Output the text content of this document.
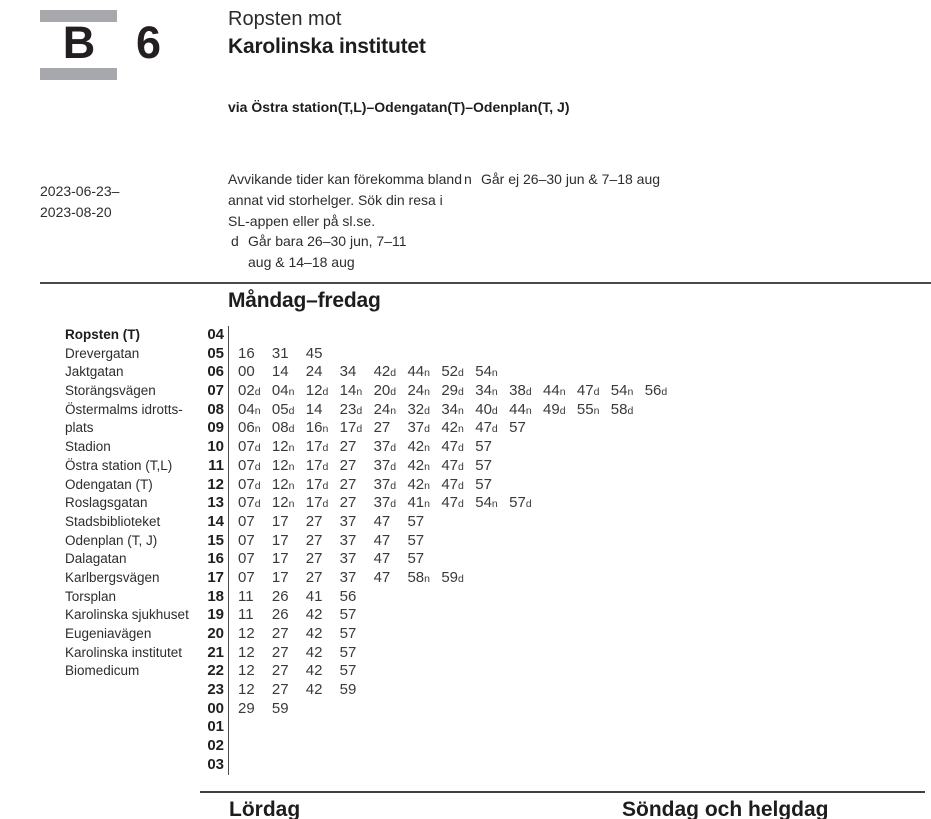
B 6	Ropsten mot
Karolinska institutet
via Östra station(T,L)–Odengatan(T)–Odenplan(T, J)
2023-06-23–
2023-08-20
Avvikande tider kan förekomma bland
annat vid storhelger. Sök din resa i
SL-appen eller på sl.se.
d Går bara 26–30 jun, 7–11
aug & 14–18 aug
n Går ej 26–30 jun & 7–18 aug
Måndag–fredag
Ropsten (T)	04
Drevergatan	05 16 31 45
Jaktgatan	06 00 14 24 34 42d 44n 52d 54n
Storängsvägen	07 02d 04n 12d 14n 20d 24n 29d 34n 38d 44n 47d 54n 56d
Östermalms idrotts-	08 04n 05d 14 23d 24n 32d 34n 40d 44n 49d 55n 58d
plats	09 06n 08d 16n 17d 27 37d 42n 47d 57
Stadion	10 07d 12n 17d 27 37d 42n 47d 57
Östra station (T,L)	11 07d 12n 17d 27 37d 42n 47d 57
Odengatan (T)	12 07d 12n 17d 27 37d 42n 47d 57
Roslagsgatan	13 07d 12n 17d 27 37d 41n 47d 54n 57d
Stadsbiblioteket	14 07 17 27 37 47 57
Odenplan (T, J)	15 07 17 27 37 47 57
Dalagatan	16 07 17 27 37 47 57
Karlbergsvägen	17 07 17 27 37 47 58n 59d
Torsplan	18 11 26 41 56
Karolinska sjukhuset	19 11 26 42 57
Eugeniavägen	20 12 27 42 57
Karolinska institutet	21 12 27 42 57
Biomedicum	22 12 27 42 57
23 12 27 42 59
00 29 59
01
02
03
Lördag	Söndag och helgdag
